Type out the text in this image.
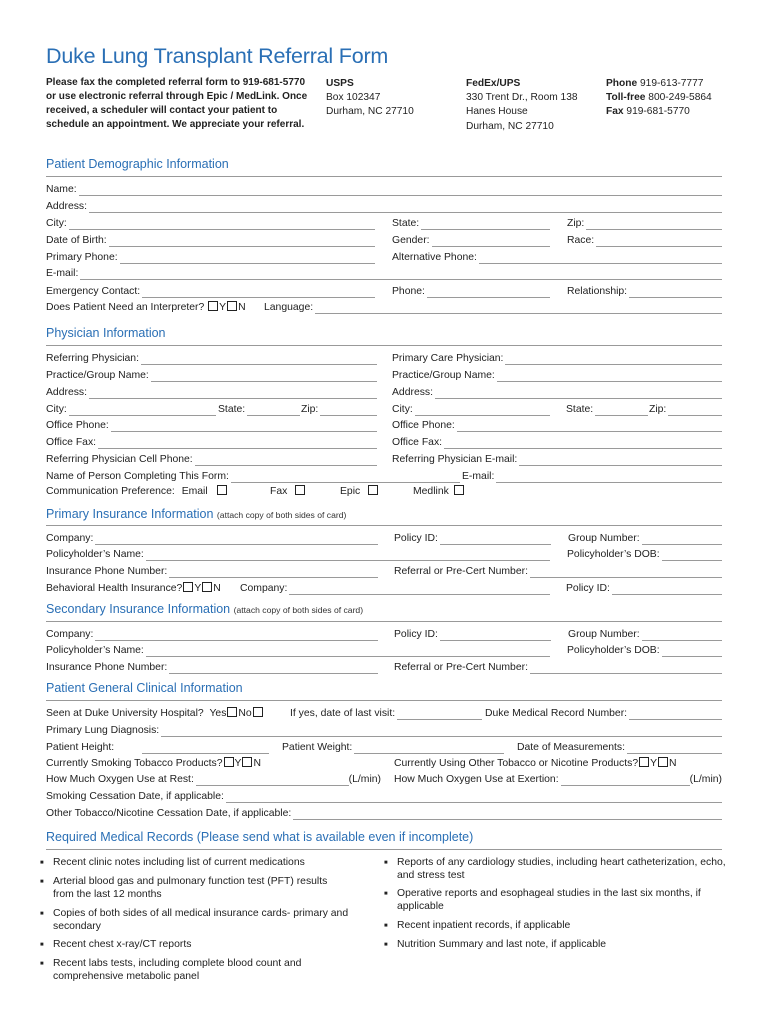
Duke Lung Transplant Referral Form
Please fax the completed referral form to 919-681-5770 or use electronic referral through Epic / MedLink. Once received, a scheduler will contact your patient to schedule an appointment. We appreciate your referral.
USPS
Box 102347
Durham, NC 27710
FedEx/UPS
330 Trent Dr., Room 138
Hanes House
Durham, NC 27710
Phone 919-613-7777
Toll-free 800-249-5864
Fax 919-681-5770
Patient Demographic Information
Name:
Address:
City:	State:	Zip:
Date of Birth:	Gender:	Race:
Primary Phone:	Alternative Phone:
E-mail:
Emergency Contact:	Phone:	Relationship:
Does Patient Need an Interpreter?	Y N Language:
Physician Information
Referring Physician:	Primary Care Physician:
Practice/Group Name:	Practice/Group Name:
Address:	Address:
City:	State:	Zip:	City:	State:	Zip:
Office Phone:	Office Phone:
Office Fax:	Office Fax:
Referring Physician Cell Phone:	Referring Physician E-mail:
Name of Person Completing This Form:	E-mail:
Communication Preference: Email	Fax	Epic	Medlink
Primary Insurance Information (attach copy of both sides of card)
Company:	Policy ID:	Group Number:
Policyholder’s Name:	Policyholder’s DOB:
Insurance Phone Number:	Referral or Pre-Cert Number:
Behavioral Health Insurance?	Y N Company:	Policy ID:
Secondary Insurance Information (attach copy of both sides of card)
Company:	Policy ID:	Group Number:
Policyholder’s Name:	Policyholder’s DOB:
Insurance Phone Number:	Referral or Pre-Cert Number:
Patient General Clinical Information
Seen at Duke University Hospital? Yes No	If yes, date of last visit:	Duke Medical Record Number:
Primary Lung Diagnosis:
Patient Height:	Patient Weight:	Date of Measurements:
Currently Smoking Tobacco Products?	Y N	Currently Using Other Tobacco or Nicotine Products?	Y N
How Much Oxygen Use at Rest:	(L/min) How Much Oxygen Use at Exertion:	(L/min)
Smoking Cessation Date, if applicable:
Other Tobacco/Nicotine Cessation Date, if applicable:
Required Medical Records (Please send what is available even if incomplete)
■ Recent clinic notes including list of current medications
■ Arterial blood gas and pulmonary function test (PFT) results from the last 12 months
■ Copies of both sides of all medical insurance cards- primary and secondary
■ Recent chest x-ray/CT reports
■ Recent labs tests, including complete blood count and comprehensive metabolic panel
■ Reports of any cardiology studies, including heart catheterization, echo, and stress test
■ Operative reports and esophageal studies in the last six months, if applicable
■ Recent inpatient records, if applicable
■ Nutrition Summary and last note, if applicable
